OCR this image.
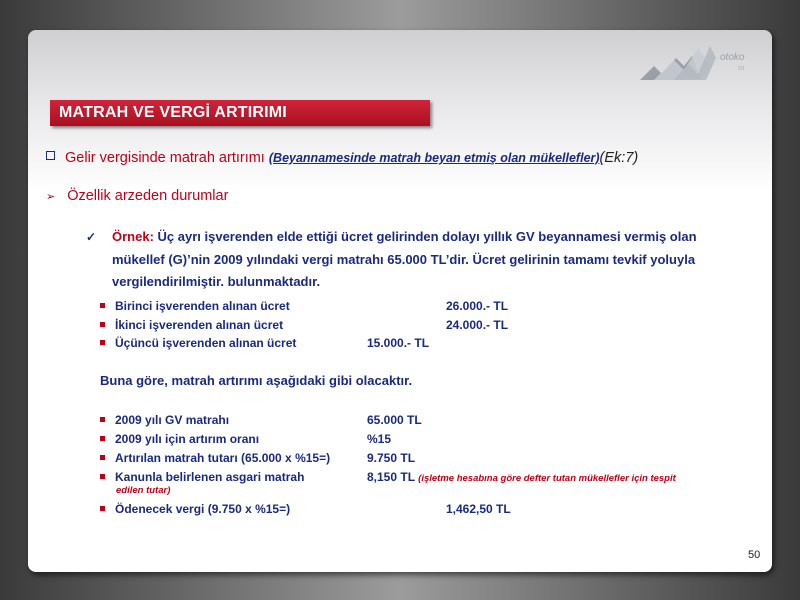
otoko
ltd
MATRAH VE VERGİ ARTIRIMI
Gelir vergisinde matrah artırımı (Beyannamesinde matrah beyan etmiş olan mükellefler)(Ek:7)
➢ Özellik arzeden durumlar
✓ Örnek: Üç ayrı işverenden elde ettiği ücret gelirinden dolayı yıllık GV beyannamesi vermiş olan mükellef (G)’nin 2009 yılındaki vergi matrahı 65.000 TL’dir. Ücret gelirinin tamamı tevkif yoluyla vergilendirilmiştir. bulunmaktadır.
Birinci işverenden alınan ücret	26.000.- TL
İkinci işverenden alınan ücret	24.000.- TL
Üçüncü işverenden alınan ücret	15.000.- TL
Buna göre, matrah artırımı aşağıdaki gibi olacaktır.
2009 yılı GV matrahı	65.000 TL
2009 yılı için artırım oranı	%15
Artırılan matrah tutarı (65.000 x %15=)	9.750 TL
Kanunla belirlenen asgari matrah	8,150 TL (işletme hesabına göre defter tutan mükellefler için tespit
edilen tutar)
Ödenecek vergi (9.750 x %15=)	1,462,50 TL
50
